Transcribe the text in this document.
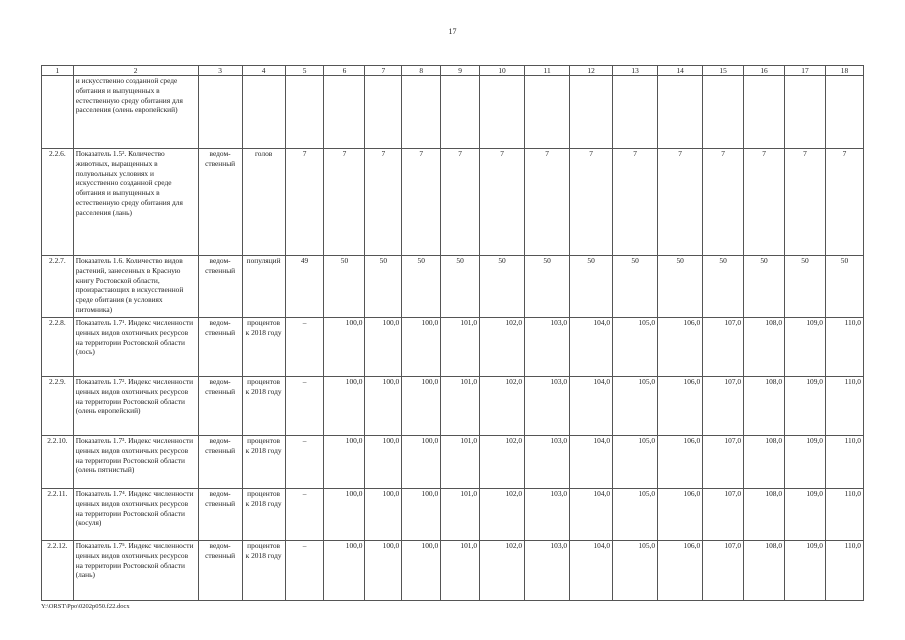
17
1	2	3	4	5	6	7	8	9	10	11	12	13	14	15	16	17	18
	и искусственно созданной среде обитания и выпущенных в естественную среду обитания для расселения (олень европейский)																
2.2.6.	Показатель 1.5². Количество животных, выращенных в полувольных условиях и искусственно созданной среде обитания и выпущенных в естественную среду обитания для расселения (лань)	ведомственный	голов	7	7	7	7	7	7	7	7	7	7	7	7	7	7
2.2.7.	Показатель 1.6. Количество видов растений, занесенных в Красную книгу Ростовской области, произрастающих в искусственной среде обитания (в условиях питомника)	ведомственный	популяций	49	50	50	50	50	50	50	50	50	50	50	50	50	50
2.2.8.	Показатель 1.7¹. Индекс численности ценных видов охотничьих ресурсов на территории Ростовской области (лось)	ведомственный	процентов к 2018 году	–	100,0	100,0	100,0	101,0	102,0	103,0	104,0	105,0	106,0	107,0	108,0	109,0	110,0
2.2.9.	Показатель 1.7². Индекс численности ценных видов охотничьих ресурсов на территории Ростовской области (олень европейский)	ведомственный	процентов к 2018 году	–	100,0	100,0	100,0	101,0	102,0	103,0	104,0	105,0	106,0	107,0	108,0	109,0	110,0
2.2.10.	Показатель 1.7³. Индекс численности ценных видов охотничьих ресурсов на территории Ростовской области (олень пятнистый)	ведомственный	процентов к 2018 году	–	100,0	100,0	100,0	101,0	102,0	103,0	104,0	105,0	106,0	107,0	108,0	109,0	110,0
2.2.11.	Показатель 1.7⁴. Индекс численности ценных видов охотничьих ресурсов на территории Ростовской области (косуля)	ведомственный	процентов к 2018 году	–	100,0	100,0	100,0	101,0	102,0	103,0	104,0	105,0	106,0	107,0	108,0	109,0	110,0
2.2.12.	Показатель 1.7⁵. Индекс численности ценных видов охотничьих ресурсов на территории Ростовской области (лань)	ведомственный	процентов к 2018 году	–	100,0	100,0	100,0	101,0	102,0	103,0	104,0	105,0	106,0	107,0	108,0	109,0	110,0
Y:\ORST\Ppo\0202p050.f22.docx
